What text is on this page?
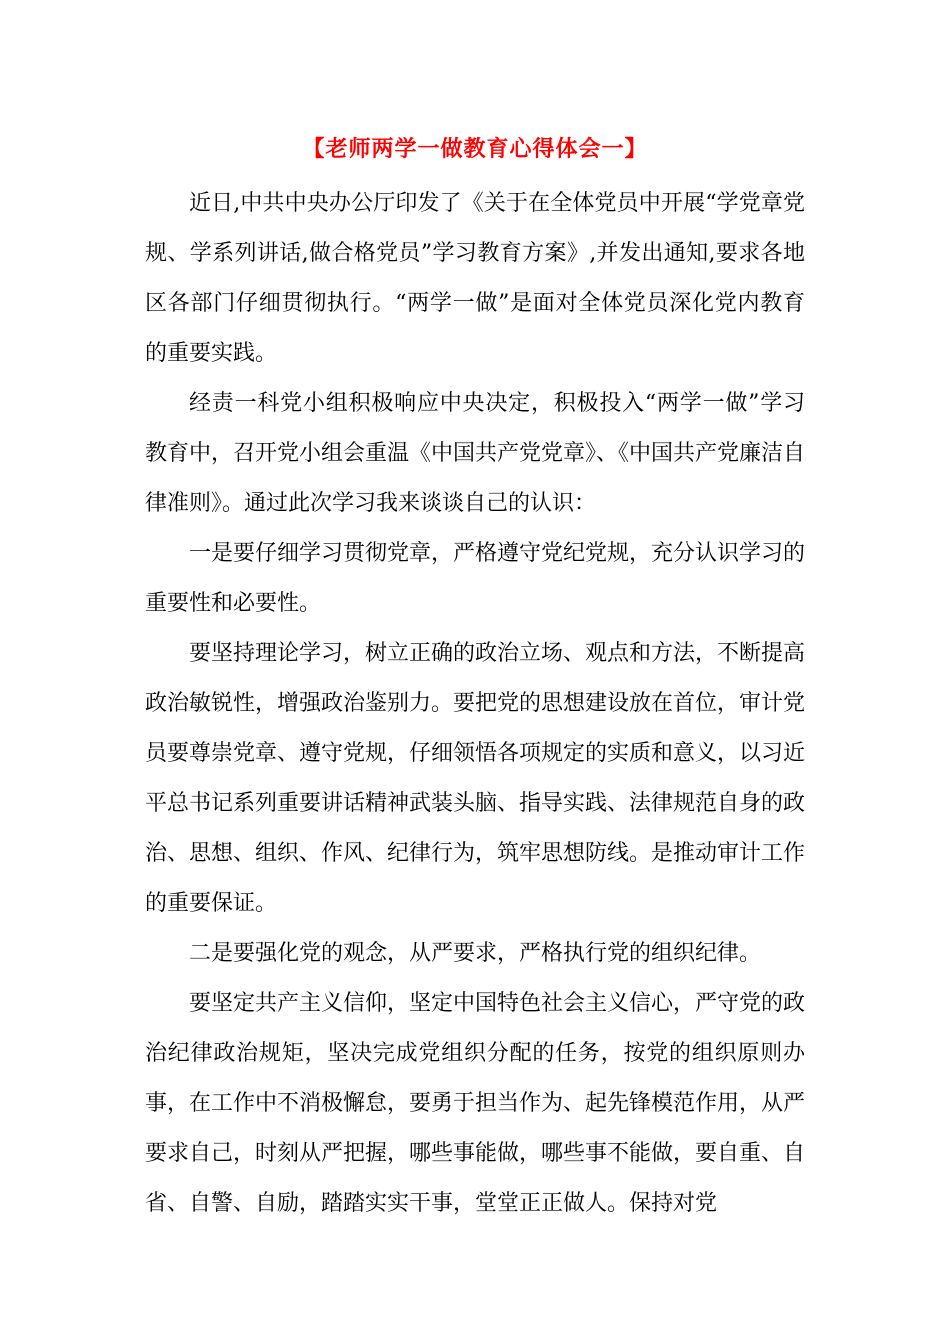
【老师两学一做教育心得体会一】

近日,中共中央办公厅印发了《关于在全体党员中开展“学党章党规、学系列讲话,做合格党员”学习教育方案》,并发出通知,要求各地区各部门仔细贯彻执行。“两学一做”是面对全体党员深化党内教育的重要实践。

经责一科党小组积极响应中央决定，积极投入“两学一做”学习教育中，召开党小组会重温《中国共产党党章》、《中国共产党廉洁自律准则》。通过此次学习我来谈谈自己的认识：

一是要仔细学习贯彻党章，严格遵守党纪党规，充分认识学习的重要性和必要性。

要坚持理论学习，树立正确的政治立场、观点和方法，不断提高政治敏锐性，增强政治鉴别力。要把党的思想建设放在首位，审计党员要尊崇党章、遵守党规，仔细领悟各项规定的实质和意义，以习近平总书记系列重要讲话精神武装头脑、指导实践、法律规范自身的政治、思想、组织、作风、纪律行为，筑牢思想防线。是推动审计工作的重要保证。

二是要强化党的观念，从严要求，严格执行党的组织纪律。

要坚定共产主义信仰，坚定中国特色社会主义信心，严守党的政治纪律政治规矩，坚决完成党组织分配的任务，按党的组织原则办事，在工作中不消极懈怠，要勇于担当作为、起先锋模范作用，从严要求自己，时刻从严把握，哪些事能做，哪些事不能做，要自重、自省、自警、自励，踏踏实实干事，堂堂正正做人。保持对党
